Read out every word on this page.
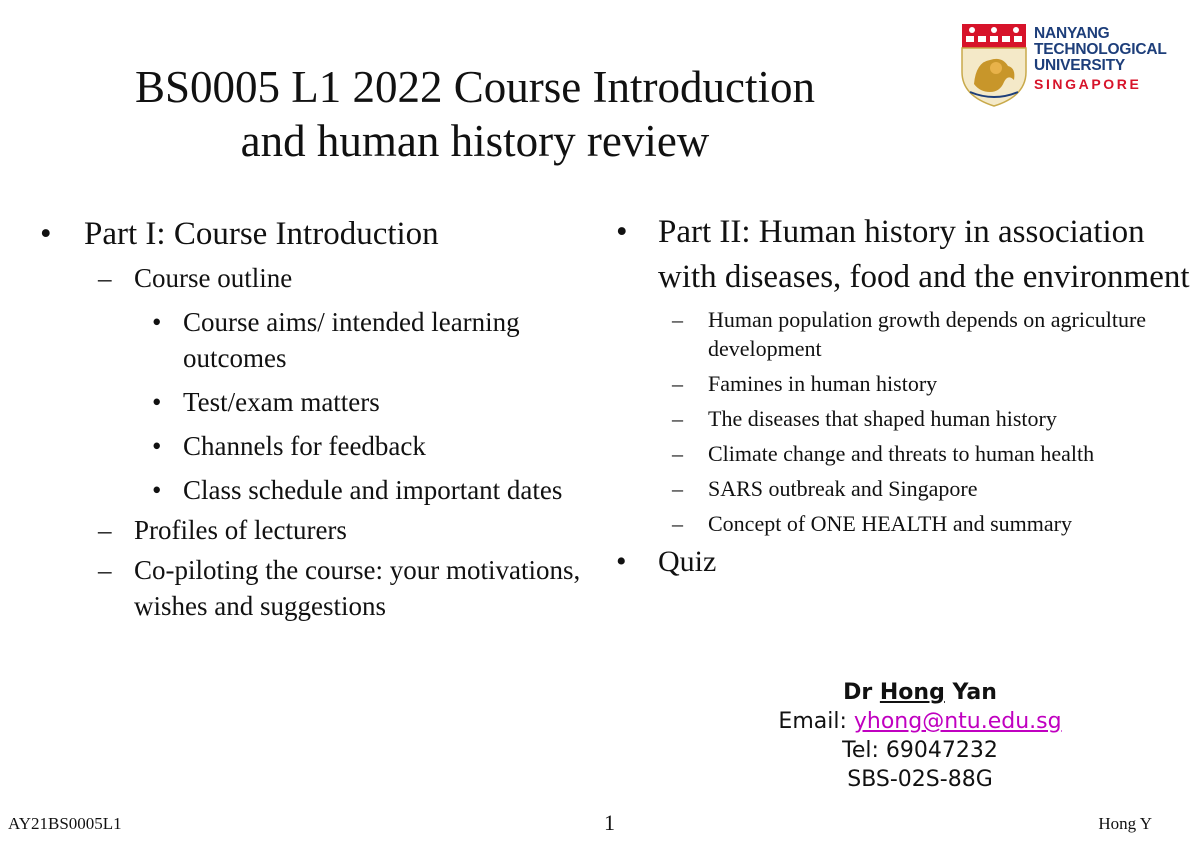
BS0005 L1 2022 Course Introduction
and human history review
NANYANG
TECHNOLOGICAL
UNIVERSITY
SINGAPORE
• Part I: Course Introduction
– Course outline
• Course aims/ intended learning outcomes
• Test/exam matters
• Channels for feedback
• Class schedule and important dates
– Profiles of lecturers
– Co-piloting the course: your motivations, wishes and suggestions
• Part II: Human history in association with diseases, food and the environment
– Human population growth depends on agriculture development
– Famines in human history
– The diseases that shaped human history
– Climate change and threats to human health
– SARS outbreak and Singapore
– Concept of ONE HEALTH and summary
• Quiz
Dr Hong Yan
Email: yhong@ntu.edu.sg
Tel: 69047232
SBS-02S-88G
AY21BS0005L1	1	Hong Y
